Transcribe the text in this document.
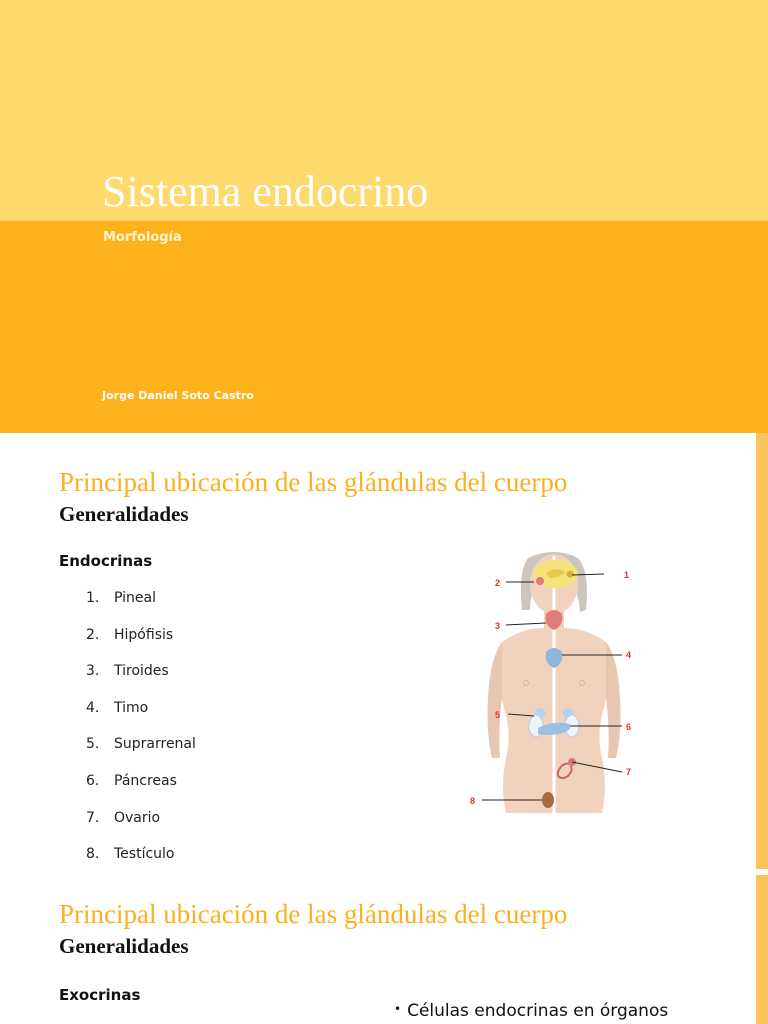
Sistema endocrino
Morfología
Jorge Daniel Soto Castro
Principal ubicación de las glándulas del cuerpo
Generalidades
Endocrinas
1. Pineal
2. Hipófisis
3. Tiroides
4. Timo
5. Suprarrenal
6. Páncreas
7. Ovario
8. Testículo
1
2
3
4
5
6
7
8
Principal ubicación de las glándulas del cuerpo
Generalidades
Exocrinas
• Células endocrinas en órganos
